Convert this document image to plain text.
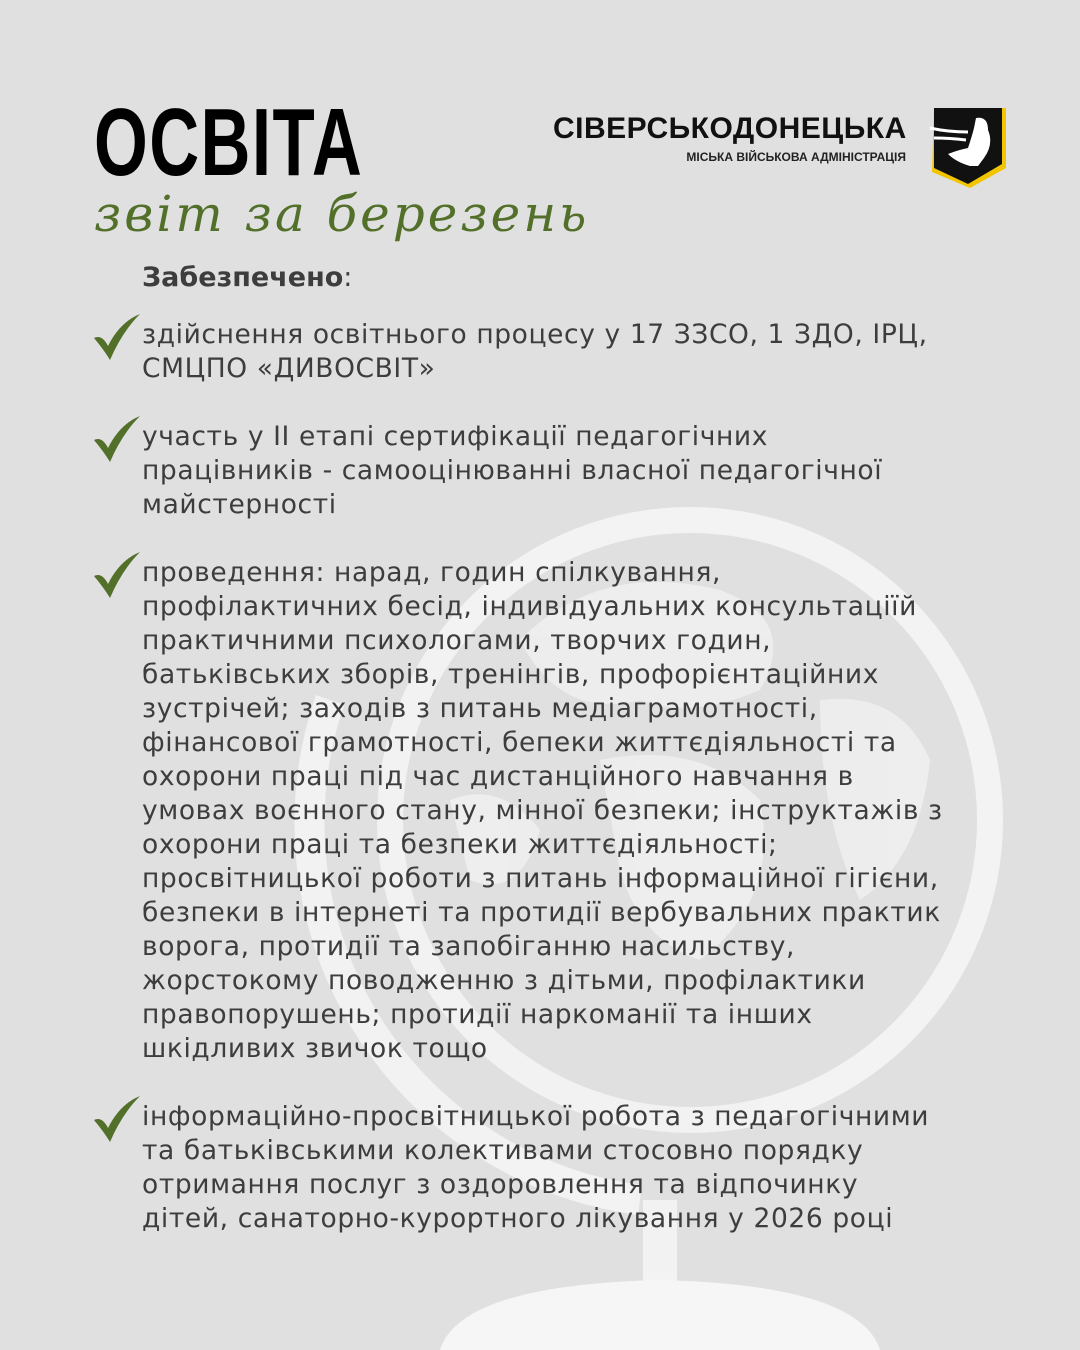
ОСВІТА
звіт за березень
Забезпечено:
СІВЕРСЬКОДОНЕЦЬКА
МІСЬКА ВІЙСЬКОВА АДМІНІСТРАЦІЯ
здійснення освітнього процесу у 17 ЗЗСО, 1 ЗДО, ІРЦ,
СМЦПО «ДИВОСВІТ»
участь у ІІ етапі сертифікації педагогічних
працівників - самооцінюванні власної педагогічної
майстерності
проведення: нарад, годин спілкування,
профілактичних бесід, індивідуальних консультаціїй
практичними психологами, творчих годин,
батьківських зборів, тренінгів, профорієнтаційних
зустрічей; заходів з питань медіаграмотності,
фінансової грамотності, бепеки життєдіяльності та
охорони праці під час дистанційного навчання в
умовах воєнного стану, мінної безпеки; інструктажів з
охорони праці та безпеки життєдіяльності;
просвітницької роботи з питань інформаційної гігієни,
безпеки в інтернеті та протидії вербувальних практик
ворога, протидії та запобіганню насильству,
жорстокому поводженню з дітьми, профілактики
правопорушень; протидії наркоманії та інших
шкідливих звичок тощо
інформаційно-просвітницької робота з педагогічними
та батьківськими колективами стосовно порядку
отримання послуг з оздоровлення та відпочинку
дітей, санаторно-курортного лікування у 2026 році
